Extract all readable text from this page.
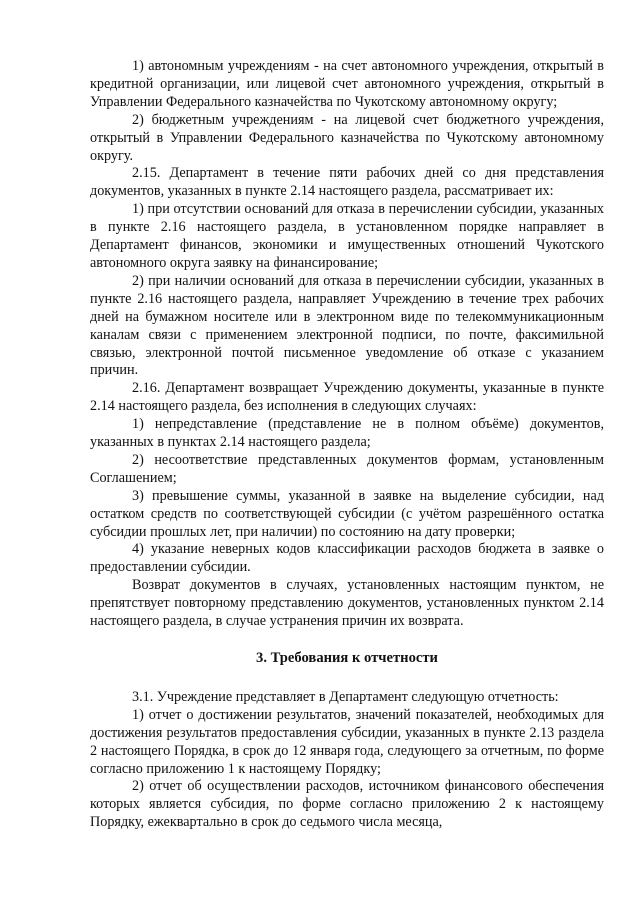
1) автономным учреждениям - на счет автономного учреждения, открытый в кредитной организации, или лицевой счет автономного учреждения, открытый в Управлении Федерального казначейства по Чукотскому автономному округу;

2) бюджетным учреждениям - на лицевой счет бюджетного учреждения, открытый в Управлении Федерального казначейства по Чукотскому автономному округу.

2.15. Департамент в течение пяти рабочих дней со дня представления документов, указанных в пункте 2.14 настоящего раздела, рассматривает их:

1) при отсутствии оснований для отказа в перечислении субсидии, указанных в пункте 2.16 настоящего раздела, в установленном порядке направляет в Департамент финансов, экономики и имущественных отношений Чукотского автономного округа заявку на финансирование;

2) при наличии оснований для отказа в перечислении субсидии, указанных в пункте 2.16 настоящего раздела, направляет Учреждению в течение трех рабочих дней на бумажном носителе или в электронном виде по телекоммуникационным каналам связи с применением электронной подписи, по почте, факсимильной связью, электронной почтой письменное уведомление об отказе с указанием причин.

2.16. Департамент возвращает Учреждению документы, указанные в пункте 2.14 настоящего раздела, без исполнения в следующих случаях:

1) непредставление (представление не в полном объёме) документов, указанных в пунктах 2.14 настоящего раздела;

2) несоответствие представленных документов формам, установленным Соглашением;

3) превышение суммы, указанной в заявке на выделение субсидии, над остатком средств по соответствующей субсидии (с учётом разрешённого остатка субсидии прошлых лет, при наличии) по состоянию на дату проверки;

4) указание неверных кодов классификации расходов бюджета в заявке о предоставлении субсидии.

Возврат документов в случаях, установленных настоящим пунктом, не препятствует повторному представлению документов, установленных пунктом 2.14 настоящего раздела, в случае устранения причин их возврата.

3. Требования к отчетности

3.1. Учреждение представляет в Департамент следующую отчетность:

1) отчет о достижении результатов, значений показателей, необходимых для достижения результатов предоставления субсидии, указанных в пункте 2.13 раздела 2 настоящего Порядка, в срок до 12 января года, следующего за отчетным, по форме согласно приложению 1 к настоящему Порядку;

2) отчет об осуществлении расходов, источником финансового обеспечения которых является субсидия, по форме согласно приложению 2 к настоящему Порядку, ежеквартально в срок до седьмого числа месяца,
